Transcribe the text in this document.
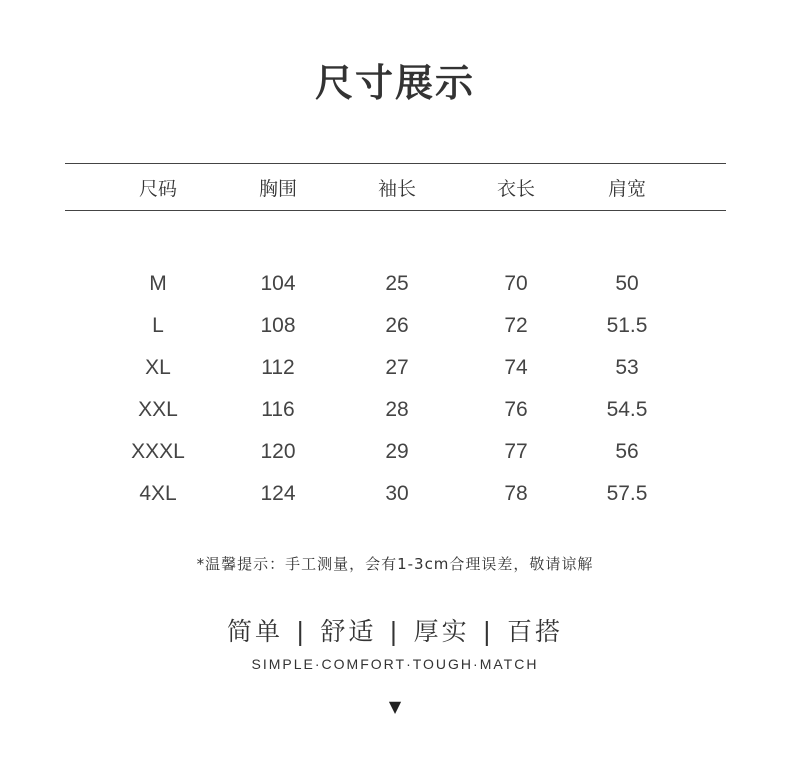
尺寸展示
尺码	胸围	袖长	衣长	肩宽
M	104	25	70	50
L	108	26	72	51.5
XL	112	27	74	53
XXL	116	28	76	54.5
XXXL	120	29	77	56
4XL	124	30	78	57.5
*温馨提示：手工测量，会有1-3cm合理误差，敬请谅解
简单 | 舒适 | 厚实 | 百搭
SIMPLE·COMFORT·TOUGH·MATCH
▼
